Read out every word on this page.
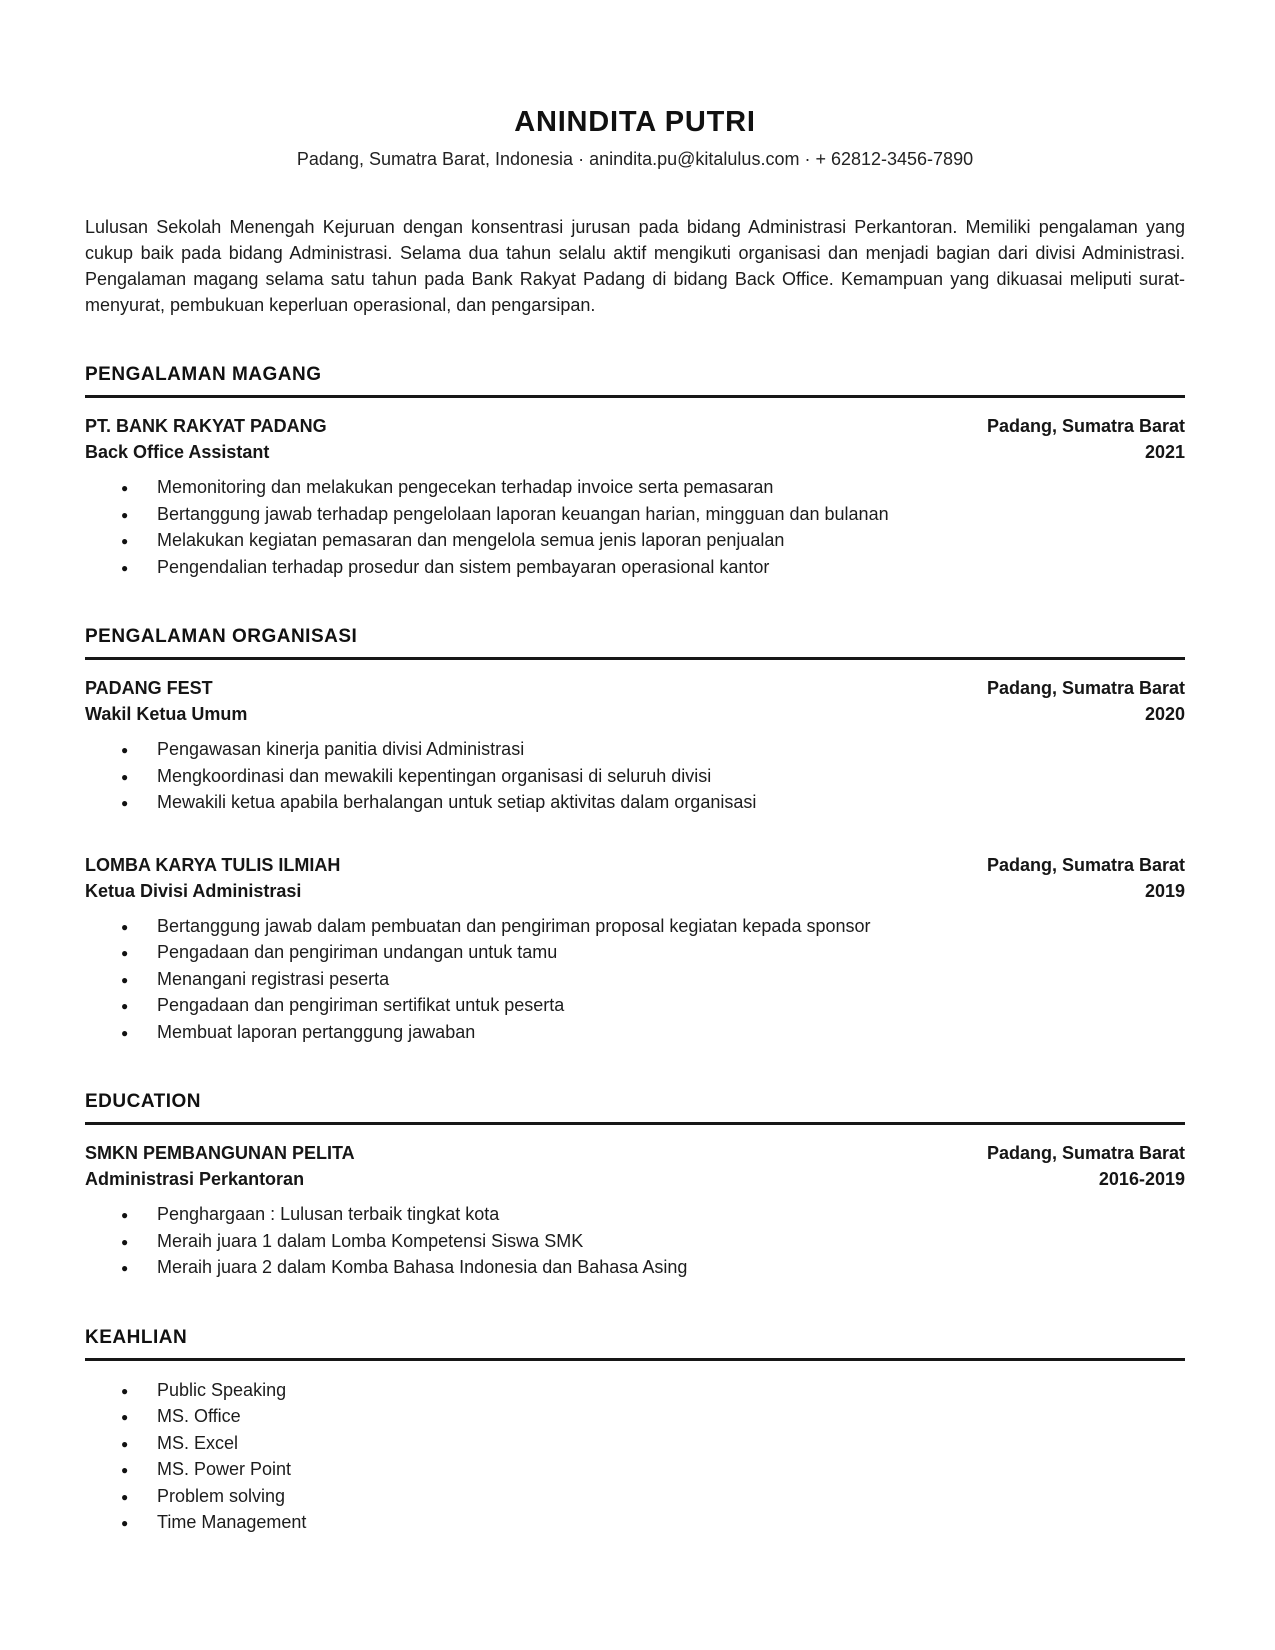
ANINDITA PUTRI

Padang, Sumatra Barat, Indonesia · anindita.pu@kitalulus.com · + 62812-3456-7890

Lulusan Sekolah Menengah Kejuruan dengan konsentrasi jurusan pada bidang Administrasi Perkantoran. Memiliki pengalaman yang cukup baik pada bidang Administrasi. Selama dua tahun selalu aktif mengikuti organisasi dan menjadi bagian dari divisi Administrasi. Pengalaman magang selama satu tahun pada Bank Rakyat Padang di bidang Back Office. Kemampuan yang dikuasai meliputi surat-menyurat, pembukuan keperluan operasional, dan pengarsipan.

PENGALAMAN MAGANG
PT. BANK RAKYAT PADANG	Padang, Sumatra Barat
Back Office Assistant	2021
● Memonitoring dan melakukan pengecekan terhadap invoice serta pemasaran
● Bertanggung jawab terhadap pengelolaan laporan keuangan harian, mingguan dan bulanan
● Melakukan kegiatan pemasaran dan mengelola semua jenis laporan penjualan
● Pengendalian terhadap prosedur dan sistem pembayaran operasional kantor
PENGALAMAN ORGANISASI
PADANG FEST	Padang, Sumatra Barat
Wakil Ketua Umum	2020
● Pengawasan kinerja panitia divisi Administrasi
● Mengkoordinasi dan mewakili kepentingan organisasi di seluruh divisi
● Mewakili ketua apabila berhalangan untuk setiap aktivitas dalam organisasi
LOMBA KARYA TULIS ILMIAH	Padang, Sumatra Barat
Ketua Divisi Administrasi	2019
● Bertanggung jawab dalam pembuatan dan pengiriman proposal kegiatan kepada sponsor
● Pengadaan dan pengiriman undangan untuk tamu
● Menangani registrasi peserta
● Pengadaan dan pengiriman sertifikat untuk peserta
● Membuat laporan pertanggung jawaban
EDUCATION
SMKN PEMBANGUNAN PELITA	Padang, Sumatra Barat
Administrasi Perkantoran	2016-2019
● Penghargaan : Lulusan terbaik tingkat kota
● Meraih juara 1 dalam Lomba Kompetensi Siswa SMK
● Meraih juara 2 dalam Komba Bahasa Indonesia dan Bahasa Asing
KEAHLIAN
● Public Speaking
● MS. Office
● MS. Excel
● MS. Power Point
● Problem solving
● Time Management
